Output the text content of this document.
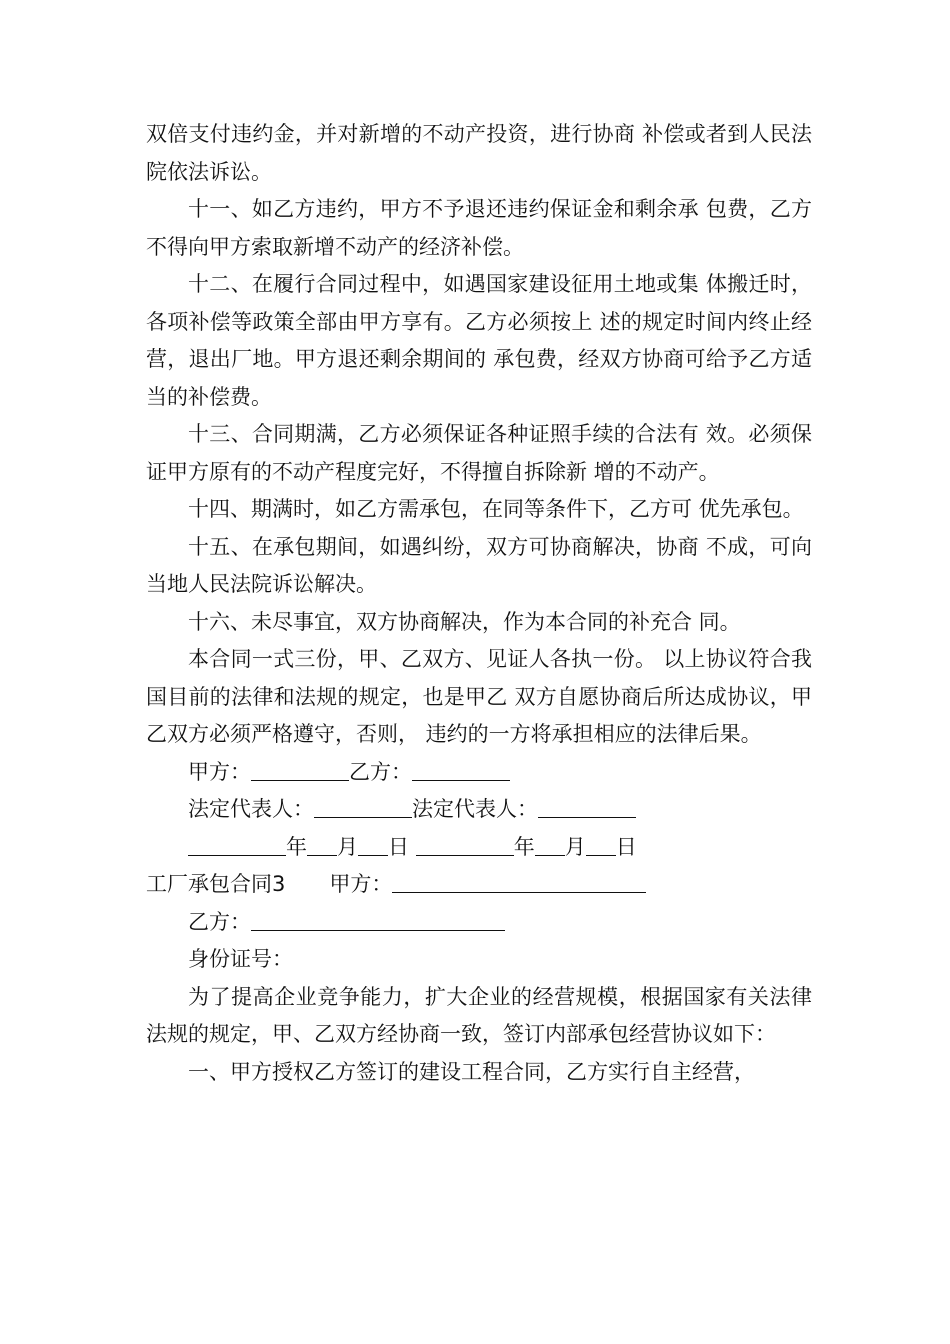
双倍支付违约金，并对新增的不动产投资，进行协商 补偿或者到人民法院依法诉讼。

十一、如乙方违约，甲方不予退还违约保证金和剩余承 包费，乙方不得向甲方索取新增不动产的经济补偿。

十二、在履行合同过程中，如遇国家建设征用土地或集 体搬迁时，各项补偿等政策全部由甲方享有。乙方必须按上 述的规定时间内终止经营，退出厂地。甲方退还剩余期间的 承包费，经双方协商可给予乙方适当的补偿费。

十三、合同期满，乙方必须保证各种证照手续的合法有 效。必须保证甲方原有的不动产程度完好，不得擅自拆除新 增的不动产。

十四、期满时，如乙方需承包，在同等条件下，乙方可 优先承包。

十五、在承包期间，如遇纠纷，双方可协商解决，协商 不成，可向当地人民法院诉讼解决。

十六、未尽事宜，双方协商解决，作为本合同的补充合 同。

本合同一式三份，甲、乙双方、见证人各执一份。 以上协议符合我国目前的法律和法规的规定，也是甲乙 双方自愿协商后所达成协议，甲乙双方必须严格遵守，否则， 违约的一方将承担相应的法律后果。

甲方：	乙方：

法定代表人：	法定代表人：

年 月 日	年 月 日

工厂承包合同3 甲方：

乙方：

身份证号：

为了提高企业竞争能力，扩大企业的经营规模，根据国家有关法律法规的规定，甲、乙双方经协商一致，签订内部承包经营协议如下：

一、甲方授权乙方签订的建设工程合同，乙方实行自主经营，
